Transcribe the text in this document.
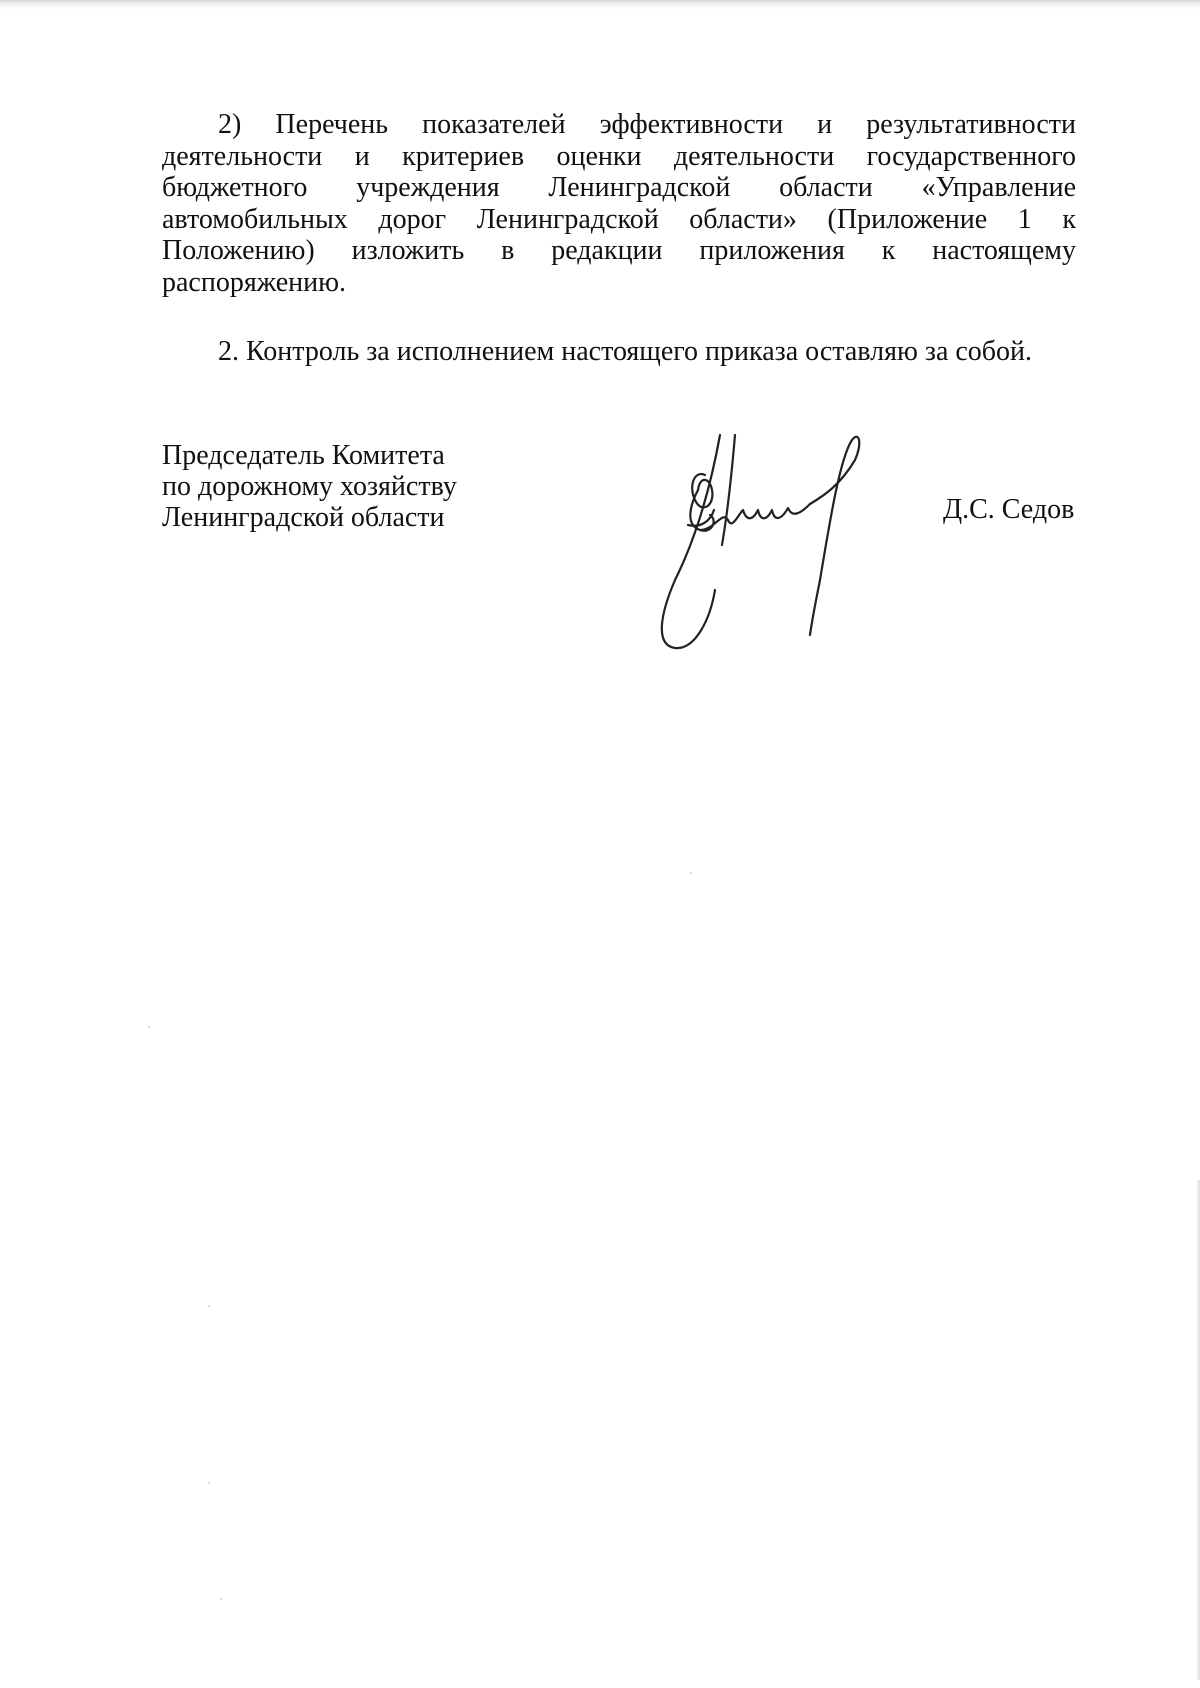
2) Перечень показателей эффективности и результативности деятельности и критериев оценки деятельности государственного бюджетного учреждения Ленинградской области «Управление автомобильных дорог Ленинградской области» (Приложение 1 к Положению) изложить в редакции приложения к настоящему распоряжению.

2. Контроль за исполнением настоящего приказа оставляю за собой.

Председатель Комитета
по дорожному хозяйству
Ленинградской области	Д.С. Седов
